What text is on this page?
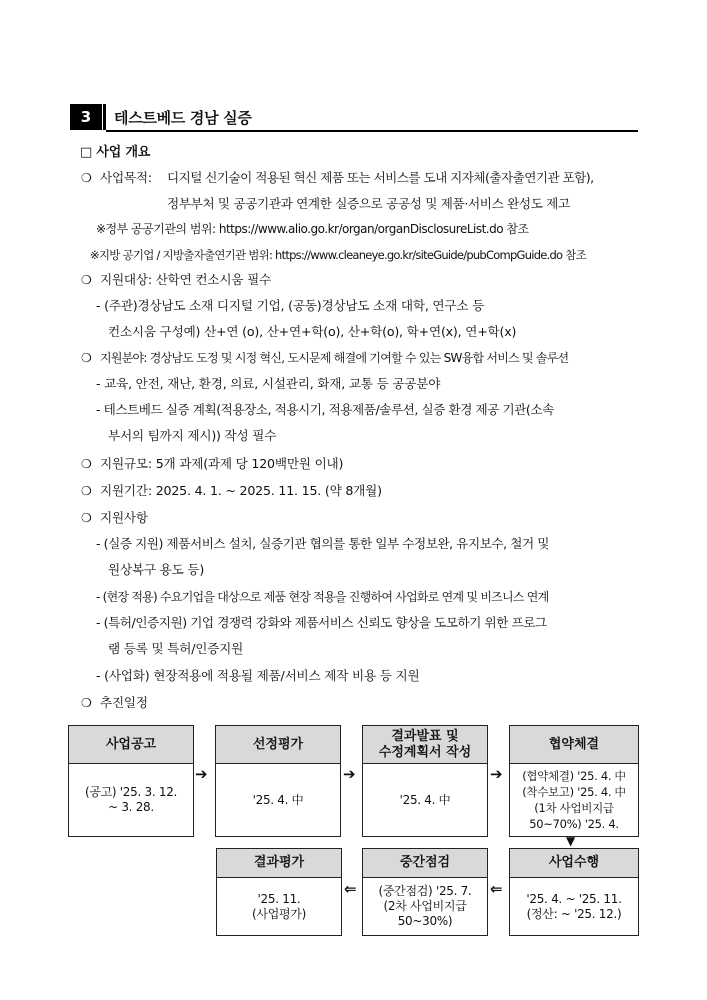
3	테스트베드 경남 실증
□ 사업 개요
❍ 사업목적: 디지털 신기술이 적용된 혁신 제품 또는 서비스를 도내 지자체(출자출연기관 포함),
정부부처 및 공공기관과 연계한 실증으로 공공성 및 제품·서비스 완성도 제고
※정부 공공기관의 범위: https://www.alio.go.kr/organ/organDisclosureList.do 참조
※지방 공기업 / 지방출자출연기관 범위: https://www.cleaneye.go.kr/siteGuide/pubCompGuide.do 참조
❍ 지원대상: 산학연 컨소시움 필수
- (주관)경상남도 소재 디지털 기업, (공동)경상남도 소재 대학, 연구소 등
컨소시움 구성예) 산+연 (o), 산+연+학(o), 산+학(o), 학+연(x), 연+학(x)
❍ 지원분야: 경상남도 도정 및 시정 혁신, 도시문제 해결에 기여할 수 있는 SW융합 서비스 및 솔루션
- 교육, 안전, 재난, 환경, 의료, 시설관리, 화재, 교통 등 공공분야
- 테스트베드 실증 계획(적용장소, 적용시기, 적용제품/솔루션, 실증 환경 제공 기관(소속
부서의 팀까지 제시)) 작성 필수
❍ 지원규모: 5개 과제(과제 당 120백만원 이내)
❍ 지원기간: 2025. 4. 1. ~ 2025. 11. 15. (약 8개월)
❍ 지원사항
- (실증 지원) 제품서비스 설치, 실증기관 협의를 통한 일부 수정보완, 유지보수, 철거 및
원상복구 용도 등)
- (현장 적용) 수요기업을 대상으로 제품 현장 적용을 진행하여 사업화로 연계 및 비즈니스 연계
- (특허/인증지원) 기업 경쟁력 강화와 제품서비스 신뢰도 향상을 도모하기 위한 프로그
램 등록 및 특허/인증지원
- (사업화) 현장적용에 적용될 제품/서비스 제작 비용 등 지원
❍ 추진일정
사업공고
(공고) '25. 3. 12.
~ 3. 28.
➔
선정평가
'25. 4. 中
➔
결과발표 및
수정계획서 작성
'25. 4. 中
➔
협약체결
(협약체결) '25. 4. 中
(착수보고) '25. 4. 中
(1차 사업비지급
50~70%) '25. 4.
▼
결과평가
'25. 11.
(사업평가)
⇐
중간점검
(중간점검) '25. 7.
(2차 사업비지급
50~30%)
⇐
사업수행
'25. 4. ~ '25. 11.
(정산: ~ '25. 12.)
